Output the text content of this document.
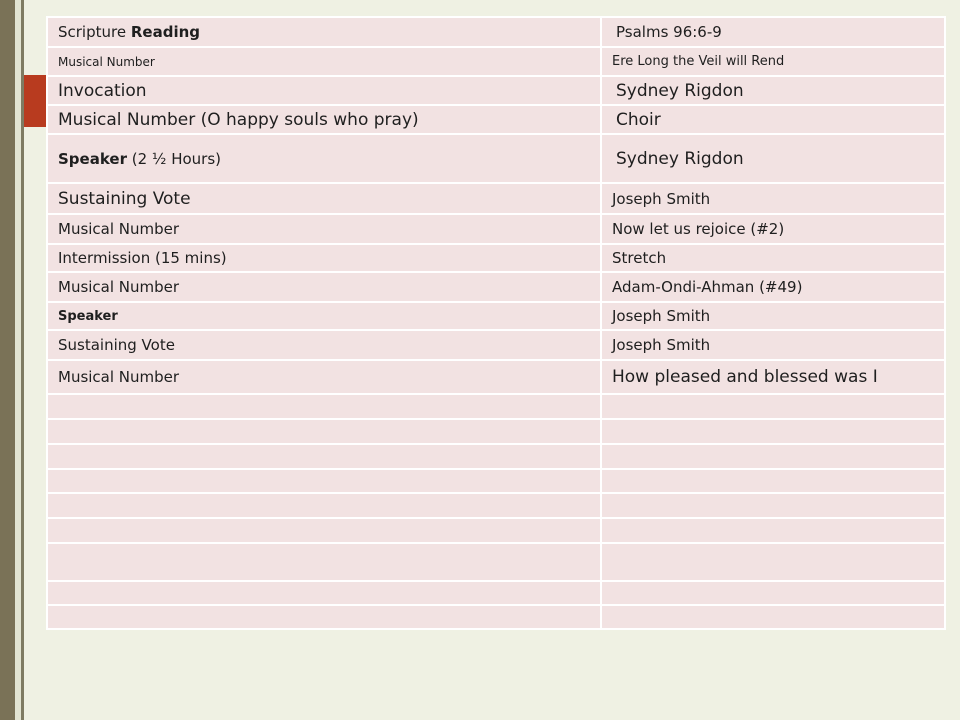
Scripture Reading	Psalms 96:6-9
Musical Number	Ere Long the Veil will Rend
Invocation	Sydney Rigdon
Musical Number (O happy souls who pray)	Choir
Speaker (2 ½ Hours)	Sydney Rigdon
Sustaining Vote	Joseph Smith
Musical Number	Now let us rejoice (#2)
Intermission (15 mins)	Stretch
Musical Number	Adam-Ondi-Ahman (#49)
Speaker	Joseph Smith
Sustaining Vote	Joseph Smith
Musical Number	How pleased and blessed was I
